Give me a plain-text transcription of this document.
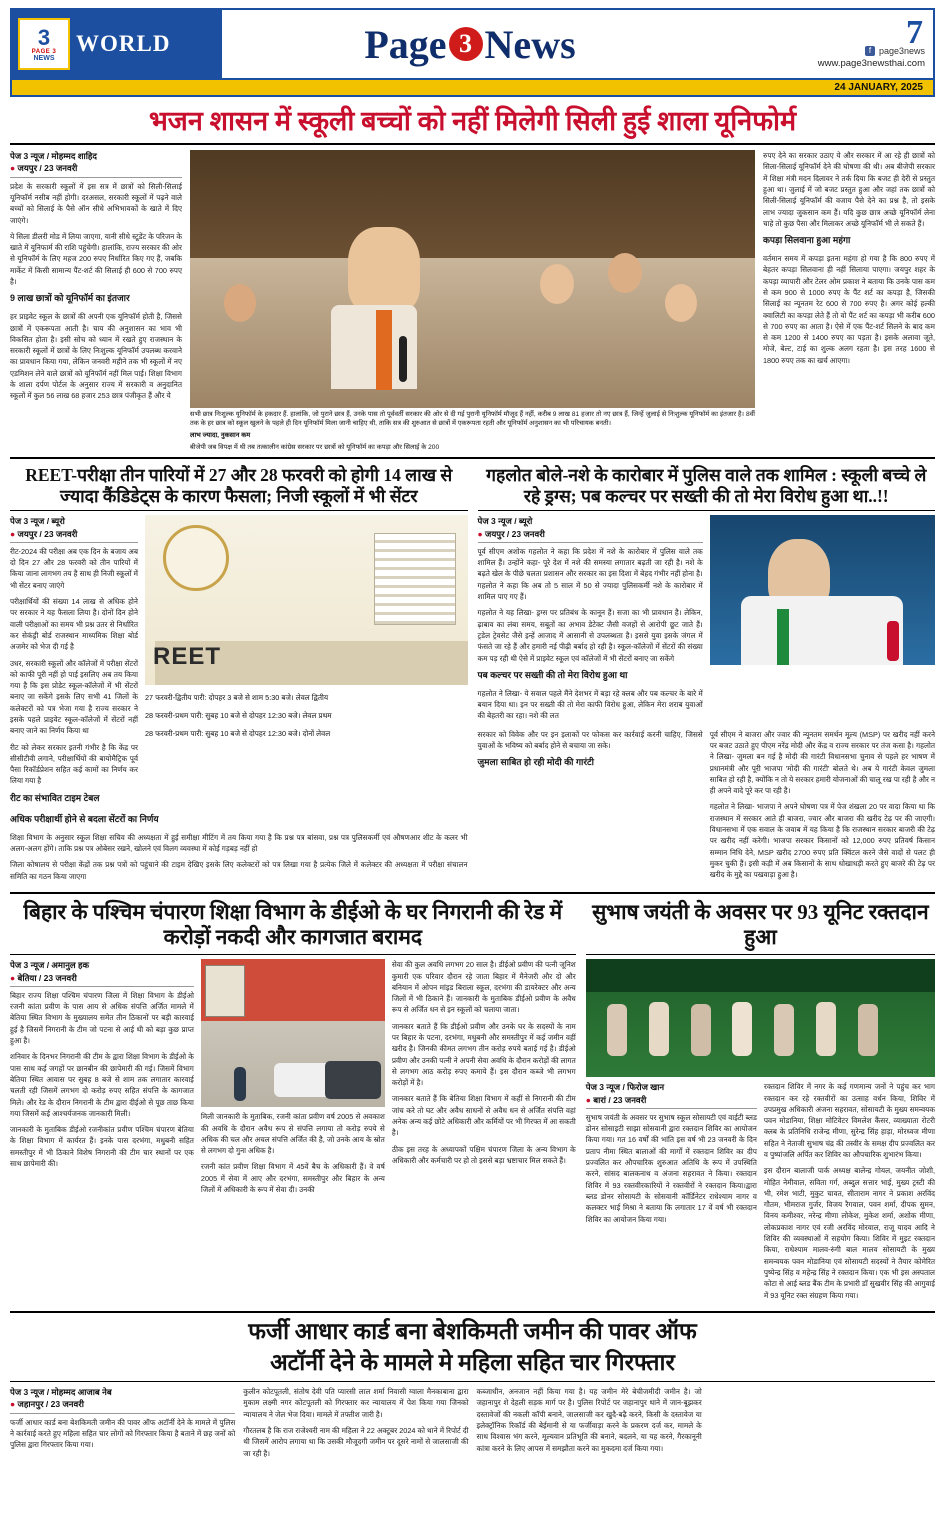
3
PAGE 3
NEWS
WORLD	Page 3 News	7
f page3news
www.page3newsthai.com
24 JANUARY, 2025
भजन शासन में स्कूली बच्चों को नहीं मिलेगी सिली हुई शाला यूनिफोर्म
पेज 3 न्यूज / मोहम्मद शाहिद
● जयपुर / 23 जनवरी

प्रदेश के सरकारी स्कूलों में इस सत्र में छात्रों को सिली-सिलाई यूनिफॉर्म नसीब नहीं होगी। दरअसल, सरकारी स्कूलों में पढ़ने वाले बच्चों को सिलाई के पैसे ऑन सीधे अभिभावकों के खाते में दिए जाएंगे।

ये सिला डीलरी मोड में लिया जाएगा, यानी सीधे स्टूडेंट के परिजन के खाते में यूनिफार्म की राशि पहुंचेगी। हालांकि, राज्य सरकार की ओर से यूनिफॉर्म के लिए महज 200 रुपए निर्धारित किए गए हैं, जबकि मार्केट में किसी सामान्य पैंट-शर्ट की सिलाई ही 600 से 700 रुपए है।

9 लाख छात्रों को यूनिफॉर्म का इंतजार

हर प्राइवेट स्कूल के छात्रों की अपनी एक यूनिफॉर्म होती है, जिससे छात्रों में एकरूपता आती है। चाय की अनुशासन का भाव भी विकसित होता है। इसी सोच को ध्यान में रखते हुए राजस्थान के सरकारी स्कूलों में छात्रों के लिए निःशुल्क यूनिफॉर्म उपलब्ध करवाने का प्रावधान किया गया, लेकिन जनवरी महीने तक भी स्कूलों में नए एडमिशन लेने वाले छात्रों को यूनिफॉर्म नहीं मिल पाई। शिक्षा विभाग के शाला दर्पण पोर्टल के अनुसार राज्य में सरकारी व अनुदानित स्कूलों में कुल 56 लाख 68 हजार 253 छात्र पंजीकृत हैं और ये

सभी छात्र निःशुल्क यूनिफॉर्म के हकदार हैं. हालांकि, जो पुराने छात्र हैं, उनके पास तो पूर्ववर्ती सरकार की ओर से दी गई पुरानी यूनिफॉर्म मौजूद हैं नहीं, करीब 9 लाख 81 हजार तो नए छात्र हैं, जिन्हें जुलाई से निःशुल्क यूनिफॉर्म का इंतजार है। 8वीं तक के हर छात्र को स्कूल खुलने के पहले ही दिन यूनिफॉर्म मिला जानी चाहिए थी, ताकि सत्र की शुरुआत से छात्रों में एकरूपता रहती और यूनिफॉर्म अनुशासन का भी परिचायक बनती।
लाभ ज्यादा, नुकसान कम
बीजेपी जब विपक्ष में थी तब तत्कालीन कांग्रेस सरकार पर छात्रों को यूनिफॉर्म का कपड़ा और सिलाई के 200

रुपए देने का सरकार उठाए ये और सरकार में आ रहे ही छात्रों को सिला-सिलाई यूनिफॉर्म देने की घोषणा की थी। अब बीजेपी सरकार में शिक्षा मंत्री मदन दिलावर ने तर्क दिया कि बजट ही देरी से प्रस्तुत हुआ था। जुलाई में जो बजट प्रस्तुत हुआ और जहां तक छात्रों को सिली-सिलाई यूनिफॉर्म की वजाय पैसे देने का प्रश्न है, तो इसके लाभ ज्यादा जुकसान कम हैं। यदि कुछ छात्र अच्छे यूनिफॉर्म लेना चाहे तो कुछ पैसा और मिलाकर अच्छे यूनिफॉर्म भी ले सकते हैं।

कपड़ा सिलवाना हुआ महंगा

वर्तमान समय में कपड़ा इतना महंगा हो गया है कि 800 रुपए में बेहतर कपड़ा सिलवाना ही नहीं सिलाया पाएगा। जयपुर शहर के कपड़ा व्यापारी और टेलर ओम प्रकाश ने बताया कि उनके पास कम से कम 900 से 1000 रुपए के पैंट शर्ट का कपड़ा है, जिसकी सिलाई का न्यूनतम रेट 600 से 700 रुपए है। अगर कोई हल्की क्वालिटी का कपड़ा लेते हैं तो वो पैंट शर्ट का कपड़ा भी करीब 600 से 700 रुपए का आता है। ऐसे में एक पैंट-शर्ट सिलने के बाद कम से कम 1200 से 1400 रुपए का पड़ता है। इसके अलावा जूते, मोजे, बेल्ट, टाई का शुल्क अलग रहता है। इस तरह 1600 से 1800 रुपए तक का खर्च आएगा।

REET-परीक्षा तीन पारियों में 27 और 28 फरवरी को होगी 14 लाख से ज्यादा कैंडिडेट्स के कारण फैसला; निजी स्कूलों में भी सेंटर
पेज 3 न्यूज / ब्यूरो
● जयपुर / 23 जनवरी

रीट-2024 की परीक्षा अब एक दिन के बजाय अब दो दिन 27 और 28 फरवरी को तीन पारियों में किया जाना लागभग तय है साथ ही निजी स्कूलों में भी सेंटर बनाए जाएंगे

परीक्षार्थियों की संख्या 14 लाख से अधिक होने पर सरकार ने यह फैसला लिया है। दोनों दिन होने वाली परीक्षाओं का समय भी प्रश्न उतर से निर्धारित कर सेकंड्री बोर्ड राजस्थान माध्यमिक शिक्षा बोर्ड अजमेर को भेज दी गई है

उधर, सरकारी स्कूलों और कॉलेजों में परीक्षा सेंटरों को काफी पूरी नहीं हो पाई इसलिए अब तय किया गया है कि इस प्रोडेट स्कूल-कॉलेजों में भी सेंटरों बनाए जा सकेंगे इसके लिए सभी 41 जिलों के कलेक्टरों को पत्र भेजा गया है राज्य सरकार ने इसके पहले प्राइवेट स्कूल-कॉलेजों में सेंटरों नहीं बनाए जाने का निर्णय किया था

रीट को लेकर सरकार इतनी गंभीर है कि केंद्र पर सीसीटीवी लगाने, परीक्षार्थियों की बायोमैट्रिक पूर्व पैसा रिकॉर्डप्रेशन सहित कई कामों का निर्णय कर लिया गया है

रीट का संभावित टाइम टेबल

REET

27 फरवरी-द्वितीय पारी: दोपहर 3 बजे से शाम 5:30 बजे। लेवल द्वितीय

28 फरवरी-प्रथम पारी: सुबह 10 बजे से दोपहर 12:30 बजे। लेवल प्रथम

28 फरवरी-प्रथम पारी: सुबह 10 बजे से दोपहर 12:30 बजे। दोनों लेवल

अधिक परीक्षार्थी होने से बदला सेंटरों का निर्णय

शिक्षा विभाग के अनुसार स्कूल शिक्षा सचिव की अध्यक्षता में हुई समीक्षा मीटिंग में तय किया गया है कि प्रश्न पत्र बांसवा, प्रश्न पत्र पुलिसकर्मी एवं औषणआर शीट के कलर भी अलग-अलग होंगे। ताकि प्रश्न पत्र ओबेसर रखने, खोलने एवं विलग व्यवस्था में कोई गड़बड़ नहीं हो

जिला कोषालय से परीक्षा केंद्रों तक प्रश्न पत्रों को पहुंचाने की टाइम देखिए इसके लिए कलेक्टरों को पत्र लिखा गया है प्रत्येक जिले में कलेक्टर की अध्यक्षता में परीक्षा संचालन समिति का गठन किया जाएगा

गहलोत बोले-नशे के कारोबार में पुलिस वाले तक शामिल : स्कूली बच्चे ले रहे ड्रग्स; पब कल्चर पर सख्ती की तो मेरा विरोध हुआ था..!!
पेज 3 न्यूज / ब्यूरो
● जयपुर / 23 जनवरी

पूर्व सीएम अशोक गहलोत ने कहा कि प्रदेश में नशे के कारोबार में पुलिस वाले तक शामिल हैं। उन्होंने कहा- पूरे देश में नशे की समस्या लगातार बढ़ती जा रही है। नशे के बढ़ते खेल के पीछे चलता प्रशासन और सरकार का इस दिशा में बेहद गंभीर नहीं होना है। गहलोत ने कहा कि अब तो 5 साल में 50 से ज्यादा पुलिसकर्मी नशे के कारोबार में शामिल पाए गए हैं।

गहलोत ने यह लिखा- ड्रग्स पर प्रतिबंध के कानून हैं। सजा का भी प्रावधान है। लेकिन, ढ़ाबाव का लंबा समय, सबूतों का अभाव डेटेक्ट जैसी वजहों से आरोपी छूट जाते हैं। ट्रडेल ट्रेवसेट जैसे इन्हें आजाद में आसानी से उपलब्धता है। इससे युवा इसके जंगल में फंसते जा रहे हैं और हमारी नई पीढ़ी बर्बाद हो रही है। स्कूल-कॉलेजों में सेंटरों की संख्या कम पड़ रही थी ऐसे में प्राइवेट स्कूल एवं कॉलेजों में भी सेंटरों बनाए जा सकेंगे

पब कल्चर पर सख्ती की तो मेरा विरोध हुआ था

गहलोत ने लिखा- ये सवाल पहले मैंने देशभर में बड़ा रहे क्लब और पब कल्चर के बारे में बयान दिया था। इन पर सख्ती की तो मेरा काफी विरोध हुआ, लेकिन मेरा शराब युवाओं की बेहतरी का रहा। नशे की लत

सरकार को विवेक और पर इन इलाकों पर फोकस कर कार्रवाई करनी चाहिए, जिससे युवाओं के भविष्य को बर्बाद होने से बचाया जा सके।

जुमला साबित हो रही मोदी की गारंटी

पूर्व सीएम ने बाजरा और ज्वार की न्यूनतम समर्थन मूल्य (MSP) पर खरीद नहीं करने पर बजट उठाते हुए पीएम नरेंद्र मोदी और केंद्र व राज्य सरकार पर तंज कसा है। गहलोत ने लिखा- जुमला बन गई है मोदी की गारंटी विधानसभा चुनाव से पहले हर भाषण में प्रधानमंत्री और पूरी भाजपा 'मोदी की गारंटी' बोलते थे। अब ये गारंटी केवल जुमला साबित हो रही है, क्योंकि न तो ये सरकार हमारी योजनाओं की चालू रख पा रही है और न ही अपने वादे पूरे कर पा रही है।

गहलोत ने लिखा- भाजपा ने अपने घोषणा पत्र में पेज शंखला 20 पर वादा किया था कि राजस्थान में सरकार आते ही बाजरा, ज्वार और बाजरा की खरीद टेढ़ पर की जाएगी। विधानसभा में एक सवाल के जवाब में यह किया है कि राजस्थान सरकार बाजरी की टेढ़ पर खरीद नहीं करेगी। भाजपा सरकार किसानों को 12,000 रुपए प्रतिवर्ष किसान सम्मान निधि देने, MSP खरीद 2700 रुपए प्रति क्विंटल करने जैसे वादों से पलट ही मुकर चुकी हैं। इसी कड़ी में अब किसानों के साथ धोखाधड़ी करते हुए बाजरे की टेढ़ पर खरीद के मुद्दे का पखवाड़ा हुआ है।

बिहार के पश्चिम चंपारण शिक्षा विभाग के डीईओ के घर निगरानी की रेड में करोड़ों नकदी और कागजात बरामद
पेज 3 न्यूज / अमानुल हक
● बेतिया / 23 जनवरी

बिहार राज्य शिक्षा पश्चिम चंपारण जिला में शिक्षा विभाग के डीईओ रजनी कांता प्रवीण के पास आय से अधिक संपत्ति अर्जित मामले में बेतिया स्थित विभाग के मुख्यालय समेत तीन ठिकानों पर बड़ी कारवाई हुई है जिसमें निगरानी के टीम जो पटना से आई थी को बड़ा कुछ प्राप्त हुआ है।

शनिवार के दिनभर निगरानी की टीम के द्वारा शिक्षा विभाग के डीईओ के पास साथ कई जगहों पर छानबीन की छापेमारी की गई। जिसमें विभाग बेतिया स्थित आवास पर सुबह 8 बजे से शाम तक लगातार कारवाई चलती रही जिसमें लगभग दो करोड़ रुपए सहित संपत्ति के कागजात मिले। और रेड के दौरान निगरानी के टीम द्वारा दीईओ से पूछ ताछ किया गया जिसमें कई आश्चर्यजनक जानकारी मिली।

जानकारी के मुताबिक डीईओ रजनीकांत प्रवीण पश्चिम चंपारण बेतिया के शिक्षा विभाग में कार्यरत हैं। इनके पास दरभंगा, मधुबनी सहित समस्तीपुर में भी ठिकाने विशेष निगरानी की टीम चार स्थानों पर एक साथ छापेमारी की।

मिली जानकारी के मुताबिक, रजनी कांता प्रवीण वर्ष 2005 से अवकाश की अवधि के दौरान अवैध रूप से संपत्ति लगाया तो करोड़ रुपये से अधिक की चल और अचल संपत्ति अर्जित की है, जो उनके आय के स्रोत से लगभग दो गुना अधिक है।

रजनी कांत प्रवीण शिक्षा विभाग में 45वें बैच के अधिकारी हैं। वे वर्ष 2005 में सेवा में आए और दरभंगा, समस्तीपुर और बिहार के अन्य जिलों में अधिकारी के रूप में सेवा दी। उनकी

सेवा की कुल अवधि लगभग 20 साल है। डीईओ प्रवीण की पत्नी जूनिश कुमारी एक परिवार दौरान रहे जाता बिहार में मैनेजरी और दो और बनियान में ओपन मांइड बिराला स्कूल, दरभंगा की डायरेक्टर और अन्य जिलों में भी ठिकाने हैं। जानकारी के मुताबिक डीईओ प्रवीण के अवैध रूप से अर्जित धन से इन स्कूलों को चलाया जाता।

जानकार बताते हैं कि डीईओ प्रवीण और उनके घर के सदस्यों के नाम पर बिहार के पटना, दरभंगा, मधुबनी और समस्तीपुर में कई जमीन वहीं खरीद है। जिनकी कीमत लगभग तीन करोड़ रुपये बताई गई है। डीईओ प्रवीण और उनकी पत्नी ने अपनी सेवा अवधि के दौरान करोड़ों की लागत से लगभग आठ करोड़ रुपए कमाये हैं। इस दौरान कब्जे भी लगभग करोड़ों में है।

जानकार बताते हैं कि बेतिया शिक्षा विभाग में कहीं से निगरानी की टीम जांच करे तो घट और अवैध साधनों से अवैध धन से अर्जित संपत्ति वहां अनेक अन्य कई छोटे अधिकारी और कर्मियों पर भी गिरफ्त में आ सकती है।

ठीक इस तरह के अध्यापकों पक्षिम चंपारण जिला के अन्य विभाग के अधिकारी और कर्मचारी पर हो तो इससे बड़ा भ्रष्टाचार मिल सकते हैं।

सुभाष जयंती के अवसर पर 93 यूनिट रक्तदान हुआ
पेज 3 न्यूज / फिरोज खान
● बारां / 23 जनवरी

सुभाष जयंती के अवसर पर सुभाष स्कूल सोसायटी एवं वाईटी ब्लड डोनर सोसाइटी साझा सोसवानी द्वारा रक्तदान शिविर का आयोजन किया गया। गत 16 वर्षों की भांति इस वर्ष भी 23 जनवरी के दिन प्रताप नीमा स्थित बालाओं की मार्गों में रक्तदान शिविर का दीप प्रज्वलित कर औपचारिक शुरुआत अतिथि के रूप में उपस्थिति करने, सांसद बालकनाथ व अंजना सहरावत ने किया। रक्तदान शिविर में 93 रक्तवीरकारियों ने रक्तवीरों ने रक्तदान किया।द्वारा ब्लड डोनर सोसायटी के सोसवानी कॉर्डिनेटर राधेश्याम नागर व कलक्टर भाई मिश्रा ने बताया कि लगातार 17 वें वर्ष भी रक्तदान शिविर का आयोजन किया गया।

रक्तदान शिविर में नगर के कई गणमान्य जनों ने पहुंच कर भाग रक्तदान कर रहे रक्तवीरों का उत्साह वर्धन किया, शिविर में उपप्रमुख अधिकारी अंजना सहरावत, सोसायटी के मुख्य समन्वयक पवन मोडानिया, शिक्षा मोटिवेटर विमलेश कैंसर, व्याख्याता रोटरी क्लब के प्रतिनिधि राजेन्द्र मीणा, सुरेन्द्र सिंह हाड़ा, मोरध्वज मीणा सहित ने नेताजी सुभाष चंद्र की तस्वीर के समक्ष दीप प्रज्वलित कर व पुष्पांजलि अर्पित कर शिविर का औपचारिक शुभारंभ किया।

इस दौरान बालाजी पार्क अध्यक्ष बालेन्द्र गोयल, जयनीत जोशी, मोहित नेमीवाल, सविता गर्ग, अब्दुल सत्तार भाई, मुख्य ट्रस्टी की भी, रमेश भाटी, मुकुट चावत, सीताराम नागर ने प्रकाश अरविंद गौतम, भीमराज गुर्जर, विजय रैगवाल, पवन शर्मा, दीपक सुमन, विनय कमीश्वर, नरेन्द्र मीणा लोकेश, मुकेश शर्मा, अशोक मीणा, लोकप्रकाश नागर एवं रजी अरविंद मोरवाल, राजू यादव आदि ने शिविर की व्यवस्थाओं में सहयोग किया। शिविर में मुइट रक्तदान किया, राधेश्याम मालव-रुंगी बाल मालव सोसायटी के मुख्य समन्वयक पवन मोडानिया एवं सोसायटी सदस्यों ने तैयार कोमेरित पुष्पेन्द्र सिंह व महेन्द्र सिंह ने रक्तदान किया। एक भी इस अस्पताल कोटा से आई ब्लड बैंक टीम के प्रभारी डॉ सुखवीर सिंह की आगुवाई में 93 यूनिट रक्त संग्रहण किया गया।

फर्जी आधार कार्ड बना बेशकिमती जमीन की पावर ऑफ
अटॉर्नी देने के मामले मे महिला सहित चार गिरफ्तार
पेज 3 न्यूज / मोहम्मद आजाब नेब
● जहानपुर / 23 जनवरी

फर्जी आधार कार्ड बना बेशकिमती जमीन की पावर ऑफ अटॉर्नी देने के मामले में पुलिस ने कार्रवाई करते हुए महिला सहित चार लोगों को गिरफ्तार किया है बताने में छह जनों को पुलिस द्वारा गिरफ्तार किया गया।

कुलीन कोटपूतली, संतोष देवी पति प्यारसी लाल शर्मा निवासी ग्वाला मैनकाबाना द्वारा मुकाम लक्ष्मी नगर कोटपूतली को गिरफ्तार कर न्यायालय में पेश किया गया जिनको न्यायालय ने जेल भेज दिया। मामले में तफ्तीश जारी है।

गौरतलब है कि राज राजेश्वरी नाम की महिला ने 22 अक्टूबर 2024 को थाने में रिपोर्ट दी थी जिसमें आरोप लगाया था कि उसकी मौजूदगी जमीन पर दूसरे नामों से जालसाजी की जा रही है।

कब्जाधीन, अनजान नहीं किया गया है। यह जमीन मेरे बेचीजमीदी जमीन है। जो जहानापुर शे देहली सड़क मार्ग पर है। पुलिस रिपोर्ट पर जहानापुर थाने में जान-बूझकर दस्तावेजों की नकली कॉपी बनाने, जालसाजी कर खुदै-बढ़ै करने, किसी के दस्तावेज या इलेक्ट्रॉनिक रिकॉर्ड की बेईमानी से या फर्जीवाड़ा करने के प्रकरण दर्ज कर, मामले के साथ विश्वास भंग करने, मूल्यवान प्रतिभूति की बनाने, बदलने, या यह करने, गैरकानूनी कांत्रा करने के लिए आपस में समझौता करने का मुकदमा दर्ज किया गया।
